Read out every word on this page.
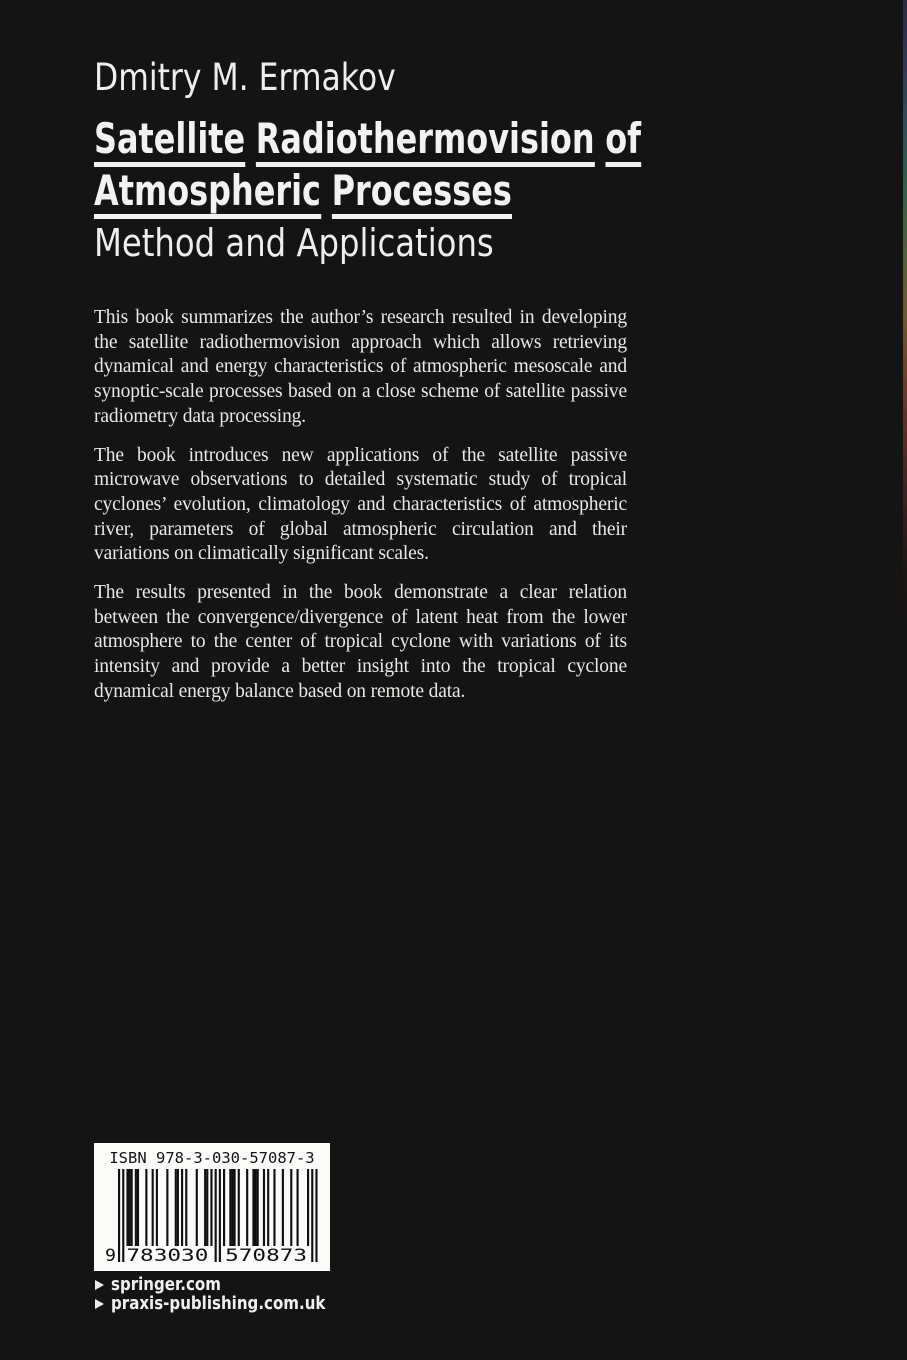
Dmitry M. Ermakov
Satellite Radiothermovision of
Atmospheric Processes
Method and Applications

This book summarizes the author’s research resulted in developing the satellite radiothermovision approach which allows retrieving dynamical and energy characteristics of atmospheric mesoscale and synoptic-scale processes based on a close scheme of satellite passive radiometry data processing.

The book introduces new applications of the satellite passive microwave observations to detailed systematic study of tropical cyclones’ evolution, climatology and characteristics of atmospheric river, parameters of global atmospheric circulation and their variations on climatically significant scales.

The results presented in the book demonstrate a clear relation between the convergence/divergence of latent heat from the lower atmosphere to the center of tropical cyclone with variations of its intensity and provide a better insight into the tropical cyclone dynamical energy balance based on remote data.

ISBN 978-3-030-57087-3
9 783030 570873
springer.com
praxis-publishing.com.uk
